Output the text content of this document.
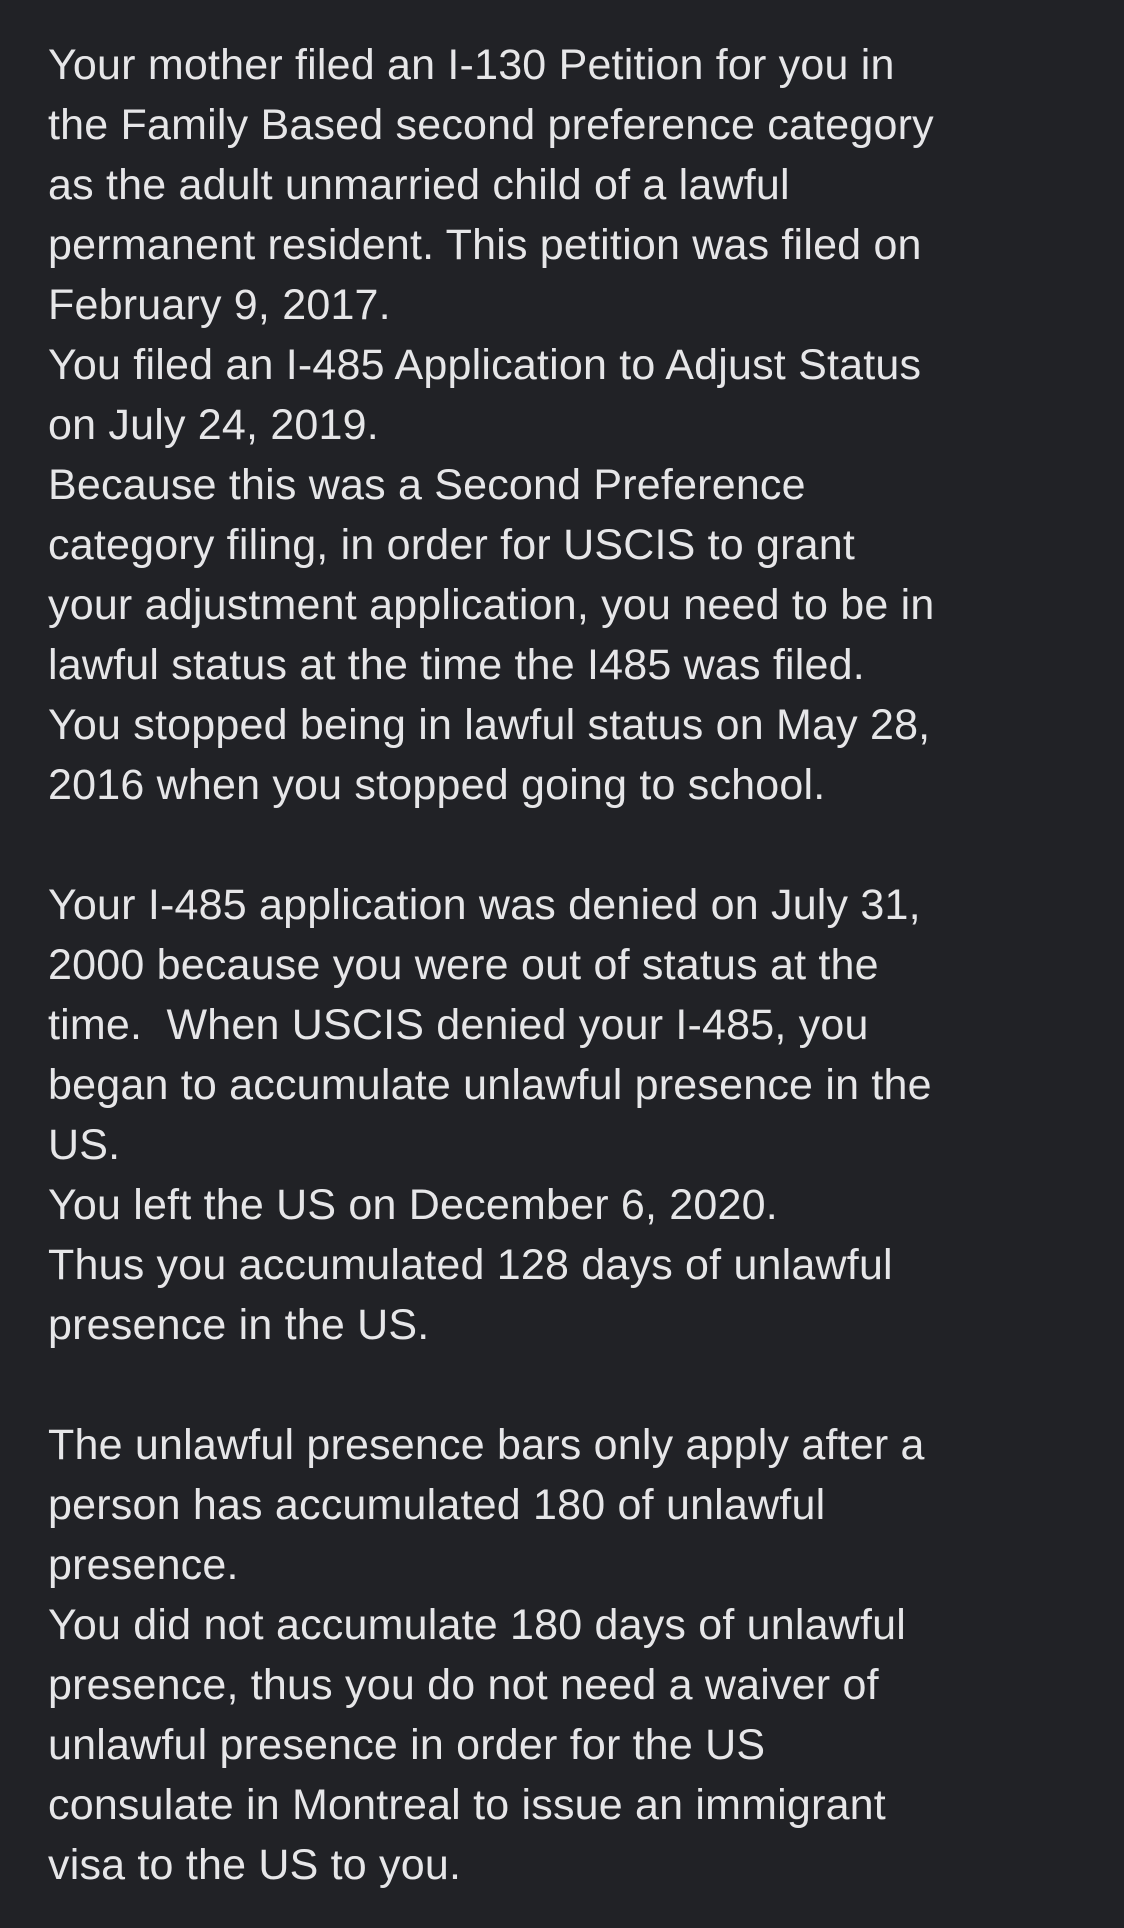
Your mother filed an I-130 Petition for you in
the Family Based second preference category
as the adult unmarried child of a lawful
permanent resident. This petition was filed on
February 9, 2017.
You filed an I-485 Application to Adjust Status
on July 24, 2019.
Because this was a Second Preference
category filing, in order for USCIS to grant
your adjustment application, you need to be in
lawful status at the time the I485 was filed.
You stopped being in lawful status on May 28,
2016 when you stopped going to school.
Your I-485 application was denied on July 31,
2000 because you were out of status at the
time.  When USCIS denied your I-485, you
began to accumulate unlawful presence in the
US.
You left the US on December 6, 2020.
Thus you accumulated 128 days of unlawful
presence in the US.
The unlawful presence bars only apply after a
person has accumulated 180 of unlawful
presence.
You did not accumulate 180 days of unlawful
presence, thus you do not need a waiver of
unlawful presence in order for the US
consulate in Montreal to issue an immigrant
visa to the US to you.
